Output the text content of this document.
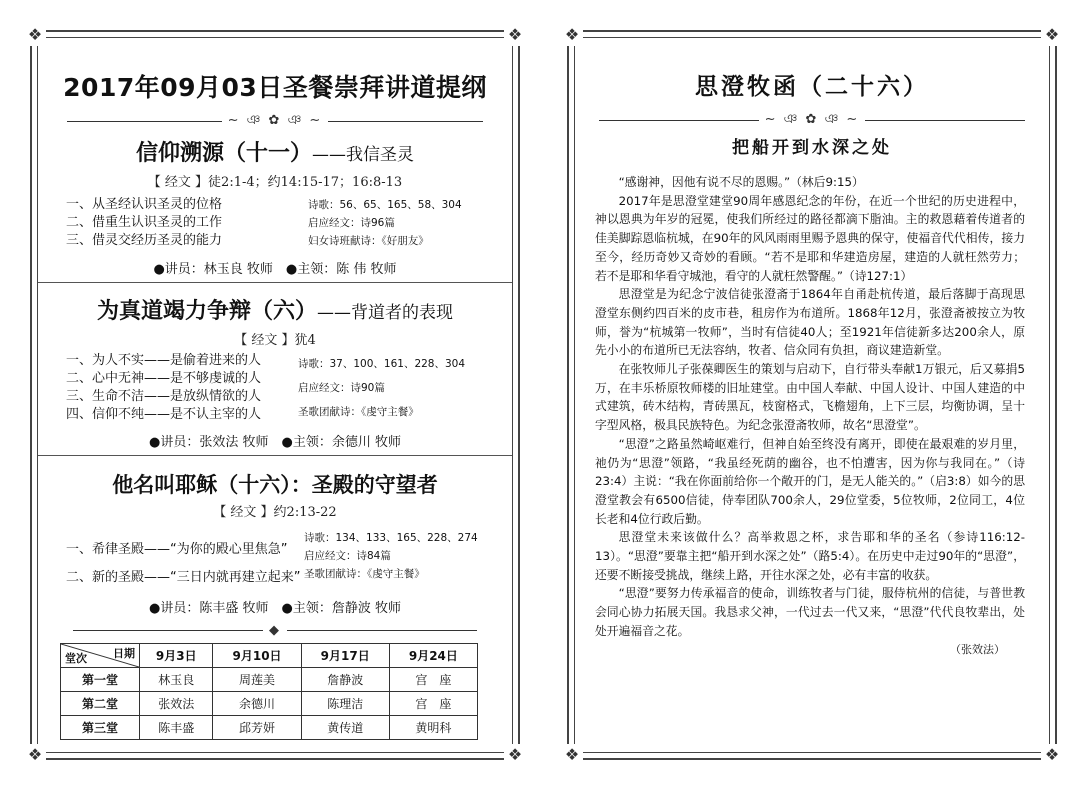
❖	❖
❖	❖
2017年09月03日圣餐崇拜讲道提纲
~ ঞ ✿ ঞ ~
信仰溯源（十一）——我信圣灵
【 经文 】徒2:1-4；约14:15-17；16:8-13
一、从圣经认识圣灵的位格
二、借重生认识圣灵的工作
三、借灵交经历圣灵的能力
诗歌：56、65、165、58、304
启应经文：诗96篇
妇女诗班献诗：《好朋友》
●讲员：林玉良 牧师　●主领：陈 伟 牧师
为真道竭力争辩（六）——背道者的表现
【 经文 】犹4
一、为人不实——是偷着进来的人
二、心中无神——是不够虔诚的人
三、生命不洁——是放纵情欲的人
四、信仰不纯——是不认主宰的人
诗歌：37、100、161、228、304
启应经文：诗90篇
圣歌团献诗：《虔守主餐》
●讲员：张效法 牧师　●主领：余德川 牧师
他名叫耶稣（十六）：圣殿的守望者
【 经文 】约2:13-22
一、希律圣殿——“为你的殿心里焦急”
二、新的圣殿——“三日内就再建立起来”
诗歌：134、133、165、228、274
启应经文：诗84篇
圣歌团献诗：《虔守主餐》
●讲员：陈丰盛 牧师　●主领：詹静波 牧师
◆
堂次 日期	9月3日	9月10日	9月17日	9月24日
第一堂	林玉良	周莲美	詹静波	宫　座
第二堂	张效法	余德川	陈理洁	宫　座
第三堂	陈丰盛	邱芳妍	黄传道	黄明科
❖	❖
❖	❖
思澄牧函（二十六）
~ ঞ ✿ ঞ ~
把船开到水深之处

“感谢神，因他有说不尽的恩赐。”（林后9:15）

2017年是思澄堂建堂90周年感恩纪念的年份，在近一个世纪的历史进程中，神以恩典为年岁的冠冕，使我们所经过的路径都滴下脂油。主的救恩藉着传道者的佳美脚踪恩临杭城，在90年的风风雨雨里赐予恩典的保守，使福音代代相传，接力至今，经历奇妙又奇妙的看顾。“若不是耶和华建造房屋，建造的人就枉然劳力；若不是耶和华看守城池，看守的人就枉然警醒。”（诗127:1）

思澄堂是为纪念宁波信徒张澄斋于1864年自甬赴杭传道，最后落脚于高现思澄堂东侧约四百米的皮市巷，租房作为布道所。1868年12月，张澄斋被按立为牧师，誉为“杭城第一牧师”，当时有信徒40人；至1921年信徒新多达200余人，原先小小的布道所已无法容纳，牧者、信众同有负担，商议建造新堂。

在张牧师儿子张葆卿医生的策划与启动下，自行带头奉献1万银元，后又募捐5万，在丰乐桥原牧师楼的旧址建堂。由中国人奉献、中国人设计、中国人建造的中式建筑，砖木结构，青砖黑瓦，枝窗格式，飞檐翅角，上下三层，均衡协调，呈十字型风格，极具民族特色。为纪念张澄斋牧师，故名“思澄堂”。

“思澄”之路虽然崎岖难行，但神自始至终没有离开，即使在最艰难的岁月里，祂仍为“思澄”领路，“我虽经死荫的幽谷，也不怕遭害，因为你与我同在。”（诗23:4）主说：“我在你面前给你一个敞开的门，是无人能关的。”（启3:8）如今的思澄堂教会有6500信徒，侍奉团队700余人，29位堂委，5位牧师，2位同工，4位长老和4位行政后勤。

思澄堂未来该做什么？高举救恩之杯，求告耶和华的圣名（参诗116:12-13）。“思澄”要靠主把“船开到水深之处”（路5:4）。在历史中走过90年的“思澄”，还要不断接受挑战，继续上路，开往水深之处，必有丰富的收获。

“思澄”要努力传承福音的使命，训练牧者与门徒，服侍杭州的信徒，与普世教会同心协力拓展天国。我恳求父神，一代过去一代又来，“思澄”代代良牧辈出，处处开遍福音之花。

（张效法）
